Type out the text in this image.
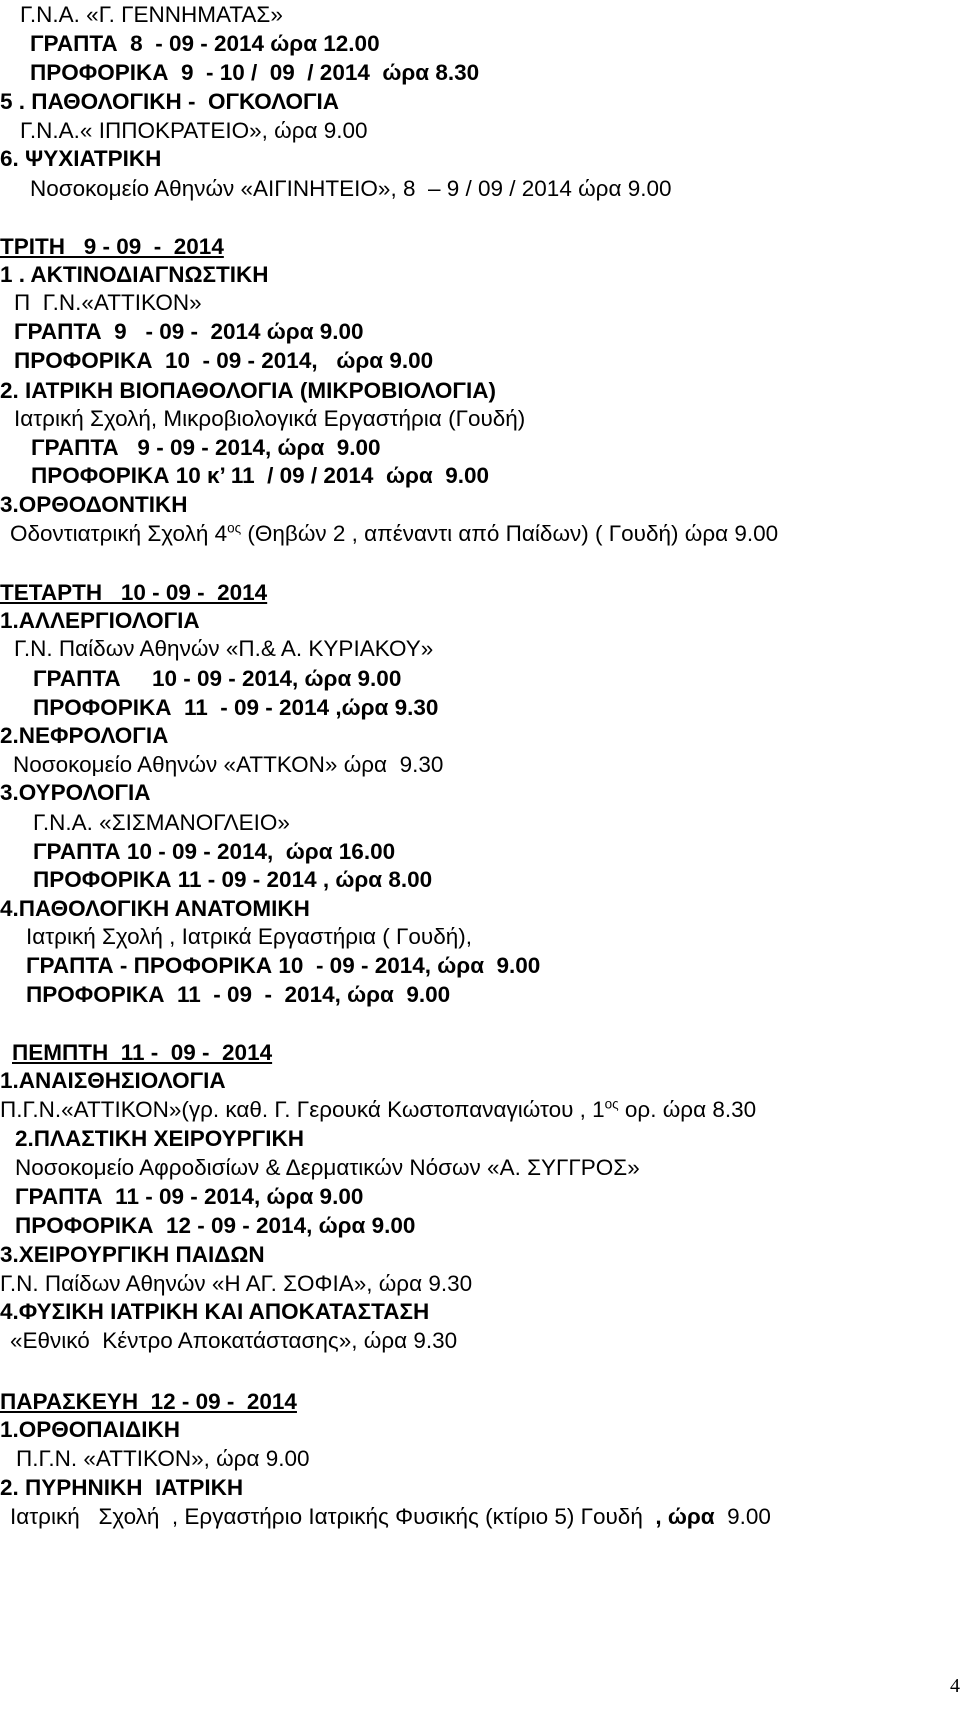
Γ.Ν.Α. «Γ. ΓΕΝΝΗΜΑΤΑΣ»
ΓΡΑΠΤΑ  8  - 09 - 2014 ώρα 12.00
ΠΡΟΦΟΡΙΚΑ  9  - 10 /  09  / 2014  ώρα 8.30
5 . ΠΑΘΟΛΟΓΙΚΗ -  ΟΓΚΟΛΟΓΙΑ
Γ.Ν.Α.« ΙΠΠΟΚΡΑΤΕΙΟ», ώρα 9.00
6. ΨΥΧΙΑΤΡΙΚΗ
Νοσοκομείο Αθηνών «ΑΙΓΙΝΗΤΕΙΟ», 8  – 9 / 09 / 2014 ώρα 9.00
ΤΡΙΤΗ   9 - 09  -  2014
1 . ΑΚΤΙΝΟΔΙΑΓΝΩΣΤΙΚΗ
Π  Γ.Ν.«ΑΤΤΙΚΟΝ»
ΓΡΑΠΤΑ  9   - 09 -  2014 ώρα 9.00
ΠΡΟΦΟΡΙΚΑ  10  - 09 - 2014,   ώρα 9.00
2. ΙΑΤΡΙΚΗ ΒΙΟΠΑΘΟΛΟΓΙΑ (ΜΙΚΡΟΒΙΟΛΟΓΙΑ)
Ιατρική Σχολή, Μικροβιολογικά Εργαστήρια (Γουδή)
ΓΡΑΠΤΑ   9 - 09 - 2014, ώρα  9.00
ΠΡΟΦΟΡΙΚΑ 10 κ’ 11  / 09 / 2014  ώρα  9.00
3.ΟΡΘΟΔΟΝΤΙΚΗ
Οδοντιατρική Σχολή $4^{o\varsigma}$ (Θηβών 2 , απέναντι από Παίδων) ( Γουδή) ώρα 9.00
ΤΕΤΑΡΤΗ   10 - 09 -  2014
1.ΑΛΛΕΡΓΙΟΛΟΓΙΑ
Γ.Ν. Παίδων Αθηνών «Π.& Α. ΚΥΡΙΑΚΟΥ»
ΓΡΑΠΤΑ     10 - 09 - 2014, ώρα 9.00
ΠΡΟΦΟΡΙΚΑ  11  - 09 - 2014 ,ώρα 9.30
2.ΝΕΦΡΟΛΟΓΙΑ
Νοσοκομείο Αθηνών «ΑΤΤΚΟΝ» ώρα  9.30
3.ΟΥΡΟΛΟΓΙΑ
Γ.Ν.Α. «ΣΙΣΜΑΝΟΓΛΕΙΟ»
ΓΡΑΠΤΑ 10 - 09 - 2014,  ώρα 16.00
ΠΡΟΦΟΡΙΚΑ 11 - 09 - 2014 , ώρα 8.00
4.ΠΑΘΟΛΟΓΙΚΗ ΑΝΑΤΟΜΙΚΗ
Ιατρική Σχολή , Ιατρικά Εργαστήρια ( Γουδή),
ΓΡΑΠΤΑ - ΠΡΟΦΟΡΙΚΑ 10  - 09 - 2014, ώρα  9.00
ΠΡΟΦΟΡΙΚΑ  11  - 09  -  2014, ώρα  9.00
ΠΕΜΠΤΗ  11 -  09 -  2014
1.ΑΝΑΙΣΘΗΣΙΟΛΟΓΙΑ
Π.Γ.Ν.«ΑΤΤΙΚΟΝ»(γρ. καθ. Γ. Γερουκά Κωστοπαναγιώτου , $1^{o\varsigma}$ ορ. ώρα 8.30
2.ΠΛΑΣΤΙΚΗ ΧΕΙΡΟΥΡΓΙΚΗ
Νοσοκομείο Αφροδισίων & Δερματικών Νόσων «Α. ΣΥΓΓΡΟΣ»
ΓΡΑΠΤΑ  11 - 09 - 2014, ώρα 9.00
ΠΡΟΦΟΡΙΚΑ  12 - 09 - 2014, ώρα 9.00
3.ΧΕΙΡΟΥΡΓΙΚΗ ΠΑΙΔΩΝ
Γ.Ν. Παίδων Αθηνών «Η ΑΓ. ΣΟΦΙΑ», ώρα 9.30
4.ΦΥΣΙΚΗ ΙΑΤΡΙΚΗ ΚΑΙ ΑΠΟΚΑΤΑΣΤΑΣΗ
«Εθνικό  Κέντρο Αποκατάστασης», ώρα 9.30
ΠΑΡΑΣΚΕΥΗ  12 - 09 -  2014
1.ΟΡΘΟΠΑΙΔΙΚΗ
Π.Γ.Ν. «ΑΤΤΙΚΟΝ», ώρα 9.00
2. ΠΥΡΗΝΙΚΗ  ΙΑΤΡΙΚΗ
Ιατρική   Σχολή  , Εργαστήριο Ιατρικής Φυσικής (κτίριο 5) Γουδή  , ώρα  9.00
4
